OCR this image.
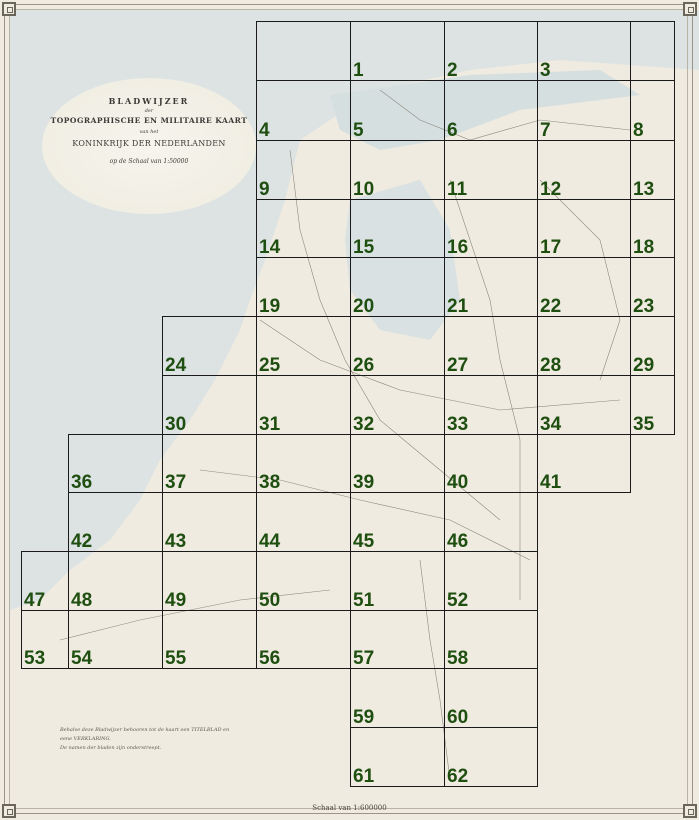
BLADWIJZER
der
TOPOGRAPHISCHE EN MILITAIRE KAART
van het
KONINKRIJK DER NEDERLANDEN
op de Schaal van 1:50000
1	2	3
4	5	6	7	8
9	10	11	12	13
14	15	16	17	18
19	20	21	22	23
24	25	26	27	28	29
30	31	32	33	34	35
36	37	38	39	40	41
42	43	44	45	46
47 48	49	50	51	52
53 54	55	56	57	58
59	60
61	62
Behalve deze Bladwijzer behooren tot de kaart een TITELBLAD en
eene VERKLARING.
De namen der bladen zijn onderstreept.
Schaal van 1:600000
